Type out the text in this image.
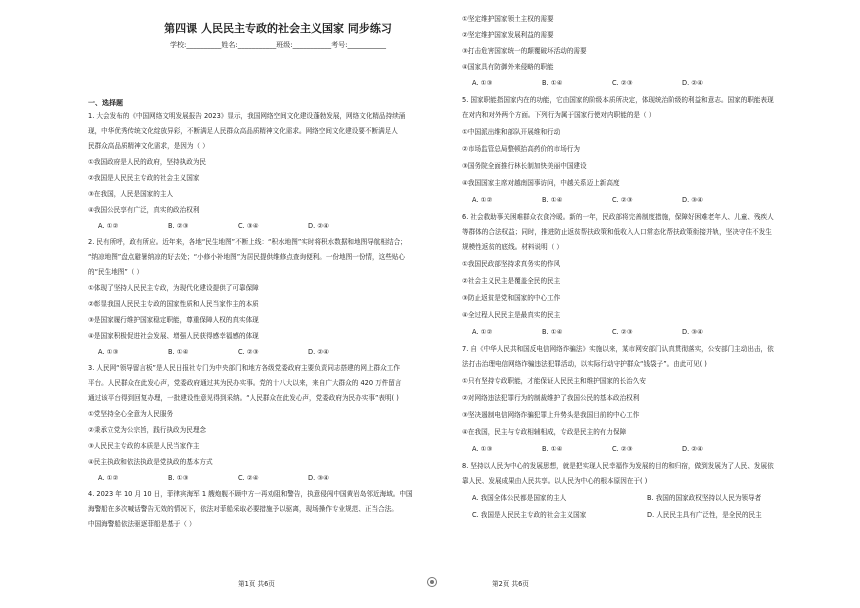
第四课 人民民主专政的社会主义国家 同步练习
学校:__________姓名:___________班级:___________考号:___________
一、选择题
1. 大会发布的《中国网络文明发展报告 2023》显示，我国网络空间文化建设蓬勃发展，网络文化精品持续涌
现，中华优秀传统文化绽放异彩，不断满足人民群众高品质精神文化需求。网络空间文化建设要不断满足人
民群众高品质精神文化需求，是因为（ ）
①我国政府是人民的政府，坚持执政为民
②我国是人民民主专政的社会主义国家
③在我国，人民是国家的主人
④我国公民享有广泛，真实的政治权利
A. ①②	B. ②③	C. ③④	D. ②④
2. 民有所呼，政有所应。近年来，各地“民生地图”不断上线：“积水地图”实时将积水数据和地图导航相结合；
“纳凉地图”盘点避暑纳凉的好去处；“小修小补地图”为居民提供维修点查询便利。一份地图一份情，这些贴心
的“民生地图”（ ）
①体现了坚持人民民主专政，为现代化建设提供了可靠保障
②彰显我国人民民主专政的国家性质和人民当家作主的本质
③是国家履行维护国家稳定职能，尊重保障人权的真实体现
④是国家积极促进社会发展、增强人民获得感幸福感的体现
A. ①③	B. ①④	C. ②③	D. ②④
3. 人民网“领导留言板”是人民日报社专门为中央部门和地方各级党委政府主要负责同志搭建的网上群众工作
平台。人民群众在此发心声，党委政府通过其为民办实事。党的十八大以来，来自广大群众的 420 万件留言
通过该平台得到回复办理，一批建设性意见得到采纳。“人民群众在此发心声，党委政府为民办实事”表明( )
①党坚持全心全意为人民服务
②秉承立党为公宗旨，践行执政为民理念
③人民民主专政的本质是人民当家作主
④民主执政和依法执政是党执政的基本方式
A. ①②	B. ①③	C. ②④	D. ③④
4. 2023 年 10 月 10 日，菲律宾海军 1 艘炮舰不顾中方一再劝阻和警告，执意侵闯中国黄岩岛邻近海域。中国
海警船在多次喊话警告无效的情况下，依法对菲船采取必要措施予以驱离，现场操作专业规范、正当合法。
中国海警船依法驱逐菲船是基于（ ）
第1页 共6页
①坚定维护国家领土主权的需要
②坚定维护国家发展利益的需要
③打击危害国家统一的颠覆破坏活动的需要
④国家具有防御外来侵略的职能
A. ①③	B. ①④	C. ②③	D. ②④
5. 国家职能指国家内在的功能，它由国家的阶级本质所决定，体现统治阶级的利益和意志。国家的职能表现
在对内和对外两个方面。下列行为属于国家行使对内职能的是（ ）
①中国派出维和部队开展维和行动
②市场监管总局整顿抬高药价的市场行为
③国务院全面推行林长制加快美丽中国建设
④我国国家主席对越南国事访问，中越关系迈上新高度
A. ①②	B. ①④	C. ②③	D. ③④
6. 社会救助事关困难群众衣食冷暖。新的一年，民政部将完善制度措施，保障好困难老年人、儿童、残疾人
等群体的合法权益；同时，推进防止返贫帮扶政策和低收入人口常态化帮扶政策衔接并轨，坚决守住不发生
规模性返贫的底线。材料说明（ ）
①我国民政部坚持求真务实的作风
②社会主义民主是覆盖全民的民主
③防止返贫是党和国家的中心工作
④全过程人民民主是最真实的民主
A. ①②	B. ①④	C. ②③	D. ③④
7. 自《中华人民共和国反电信网络诈骗法》实施以来，某市网安部门认真贯彻落实，公安部门主动出击，依
法打击治理电信网络诈骗违法犯罪活动，以实际行动守护群众“钱袋子”。由此可见( )
①只有坚持专政职能，才能保证人民民主和维护国家的长治久安
②对网络违法犯罪行为的制裁维护了我国公民的基本政治权利
③坚决遏制电信网络诈骗犯罪上升势头是我国目前的中心工作
④在我国，民主与专政相辅相成，专政是民主的有力保障
A. ①③	B. ①④	C. ②③	D. ②④
8. 坚持以人民为中心的发展思想，就是把实现人民幸福作为发展的目的和归宿，做到发展为了人民、发展依
靠人民、发展成果由人民共享。以人民为中心的根本原因在于( )
A. 我国全体公民都是国家的主人	B. 我国的国家政权坚持以人民为领导者
C. 我国是人民民主专政的社会主义国家	D. 人民民主具有广泛性，是全民的民主
第2页 共6页
